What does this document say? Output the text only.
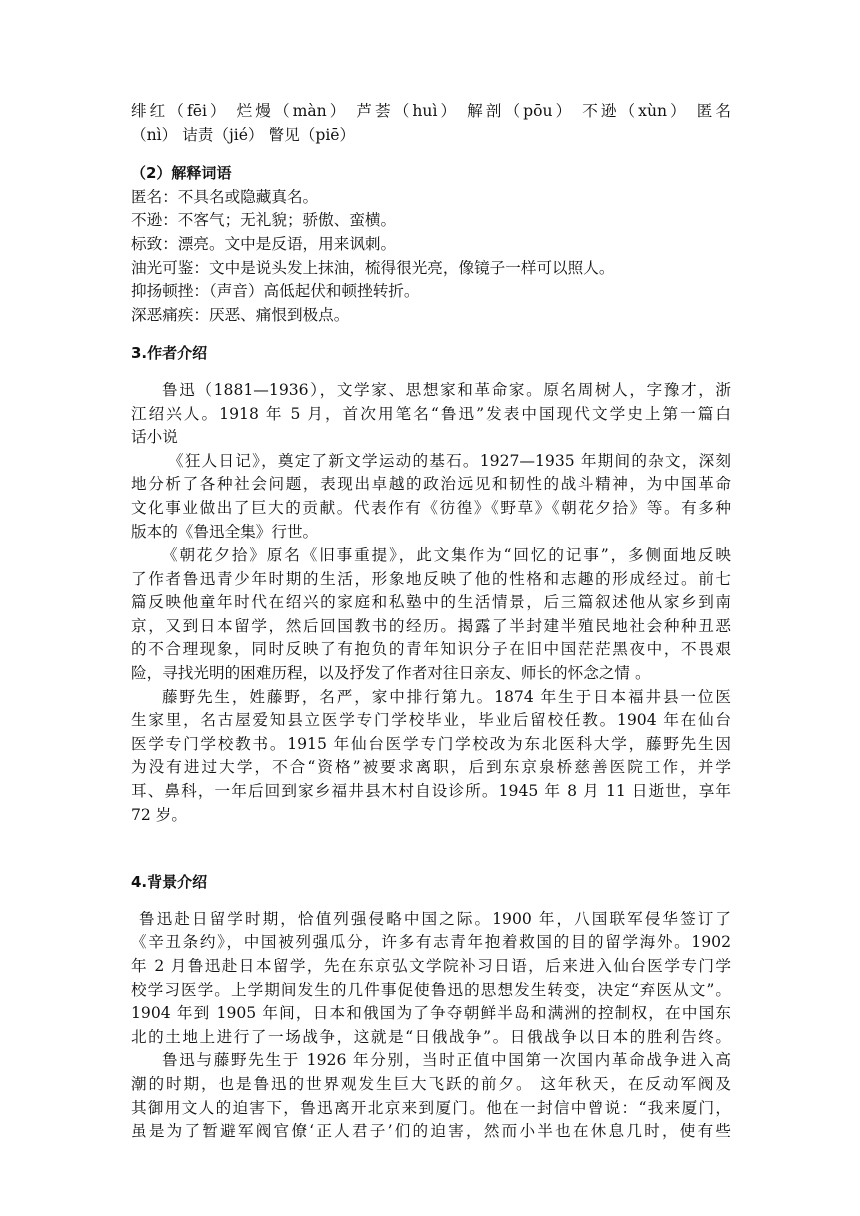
绯红（fēi） 烂熳（màn） 芦荟（huì） 解剖（pōu） 不逊（xùn） 匿名
（nì） 诘责（jié） 瞥见（piē）
（2）解释词语
匿名：不具名或隐藏真名。
不逊：不客气；无礼貌；骄傲、蛮横。
标致：漂亮。文中是反语，用来讽刺。
油光可鉴：文中是说头发上抹油，梳得很光亮，像镜子一样可以照人。
抑扬顿挫：（声音）高低起伏和顿挫转折。
深恶痛疾：厌恶、痛恨到极点。
3.作者介绍
鲁迅（1881—1936），文学家、思想家和革命家。原名周树人，字豫才，浙
江绍兴人。1918 年 5 月，首次用笔名“鲁迅”发表中国现代文学史上第一篇白
话小说
《狂人日记》，奠定了新文学运动的基石。1927—1935 年期间的杂文，深刻
地分析了各种社会问题，表现出卓越的政治远见和韧性的战斗精神，为中国革命
文化事业做出了巨大的贡献。代表作有《彷徨》《野草》《朝花夕拾》等。有多种
版本的《鲁迅全集》行世。
《朝花夕拾》原名《旧事重提》，此文集作为“回忆的记事”，多侧面地反映
了作者鲁迅青少年时期的生活，形象地反映了他的性格和志趣的形成经过。前七
篇反映他童年时代在绍兴的家庭和私塾中的生活情景，后三篇叙述他从家乡到南
京，又到日本留学，然后回国教书的经历。揭露了半封建半殖民地社会种种丑恶
的不合理现象，同时反映了有抱负的青年知识分子在旧中国茫茫黑夜中，不畏艰
险，寻找光明的困难历程，以及抒发了作者对往日亲友、师长的怀念之情 。
藤野先生，姓藤野，名严，家中排行第九。1874 年生于日本福井县一位医
生家里，名古屋爱知县立医学专门学校毕业，毕业后留校任教。1904 年在仙台
医学专门学校教书。1915 年仙台医学专门学校改为东北医科大学，藤野先生因
为没有进过大学，不合“资格”被要求离职，后到东京泉桥慈善医院工作，并学
耳、鼻科，一年后回到家乡福井县木村自设诊所。1945 年 8 月 11 日逝世，享年
72 岁。
4.背景介绍
鲁迅赴日留学时期，恰值列强侵略中国之际。1900 年，八国联军侵华签订了
《辛丑条约》，中国被列强瓜分，许多有志青年抱着救国的目的留学海外。1902
年 2 月鲁迅赴日本留学，先在东京弘文学院补习日语，后来进入仙台医学专门学
校学习医学。上学期间发生的几件事促使鲁迅的思想发生转变，决定“弃医从文”。
1904 年到 1905 年间，日本和俄国为了争夺朝鲜半岛和满洲的控制权，在中国东
北的土地上进行了一场战争，这就是“日俄战争”。日俄战争以日本的胜利告终。
鲁迅与藤野先生于 1926 年分别，当时正值中国第一次国内革命战争进入高
潮的时期，也是鲁迅的世界观发生巨大飞跃的前夕。 这年秋天，在反动军阀及
其御用文人的迫害下，鲁迅离开北京来到厦门。他在一封信中曾说：“我来厦门，
虽是为了暂避军阀官僚‘正人君子’们的迫害，然而小半也在休息几时，使有些
